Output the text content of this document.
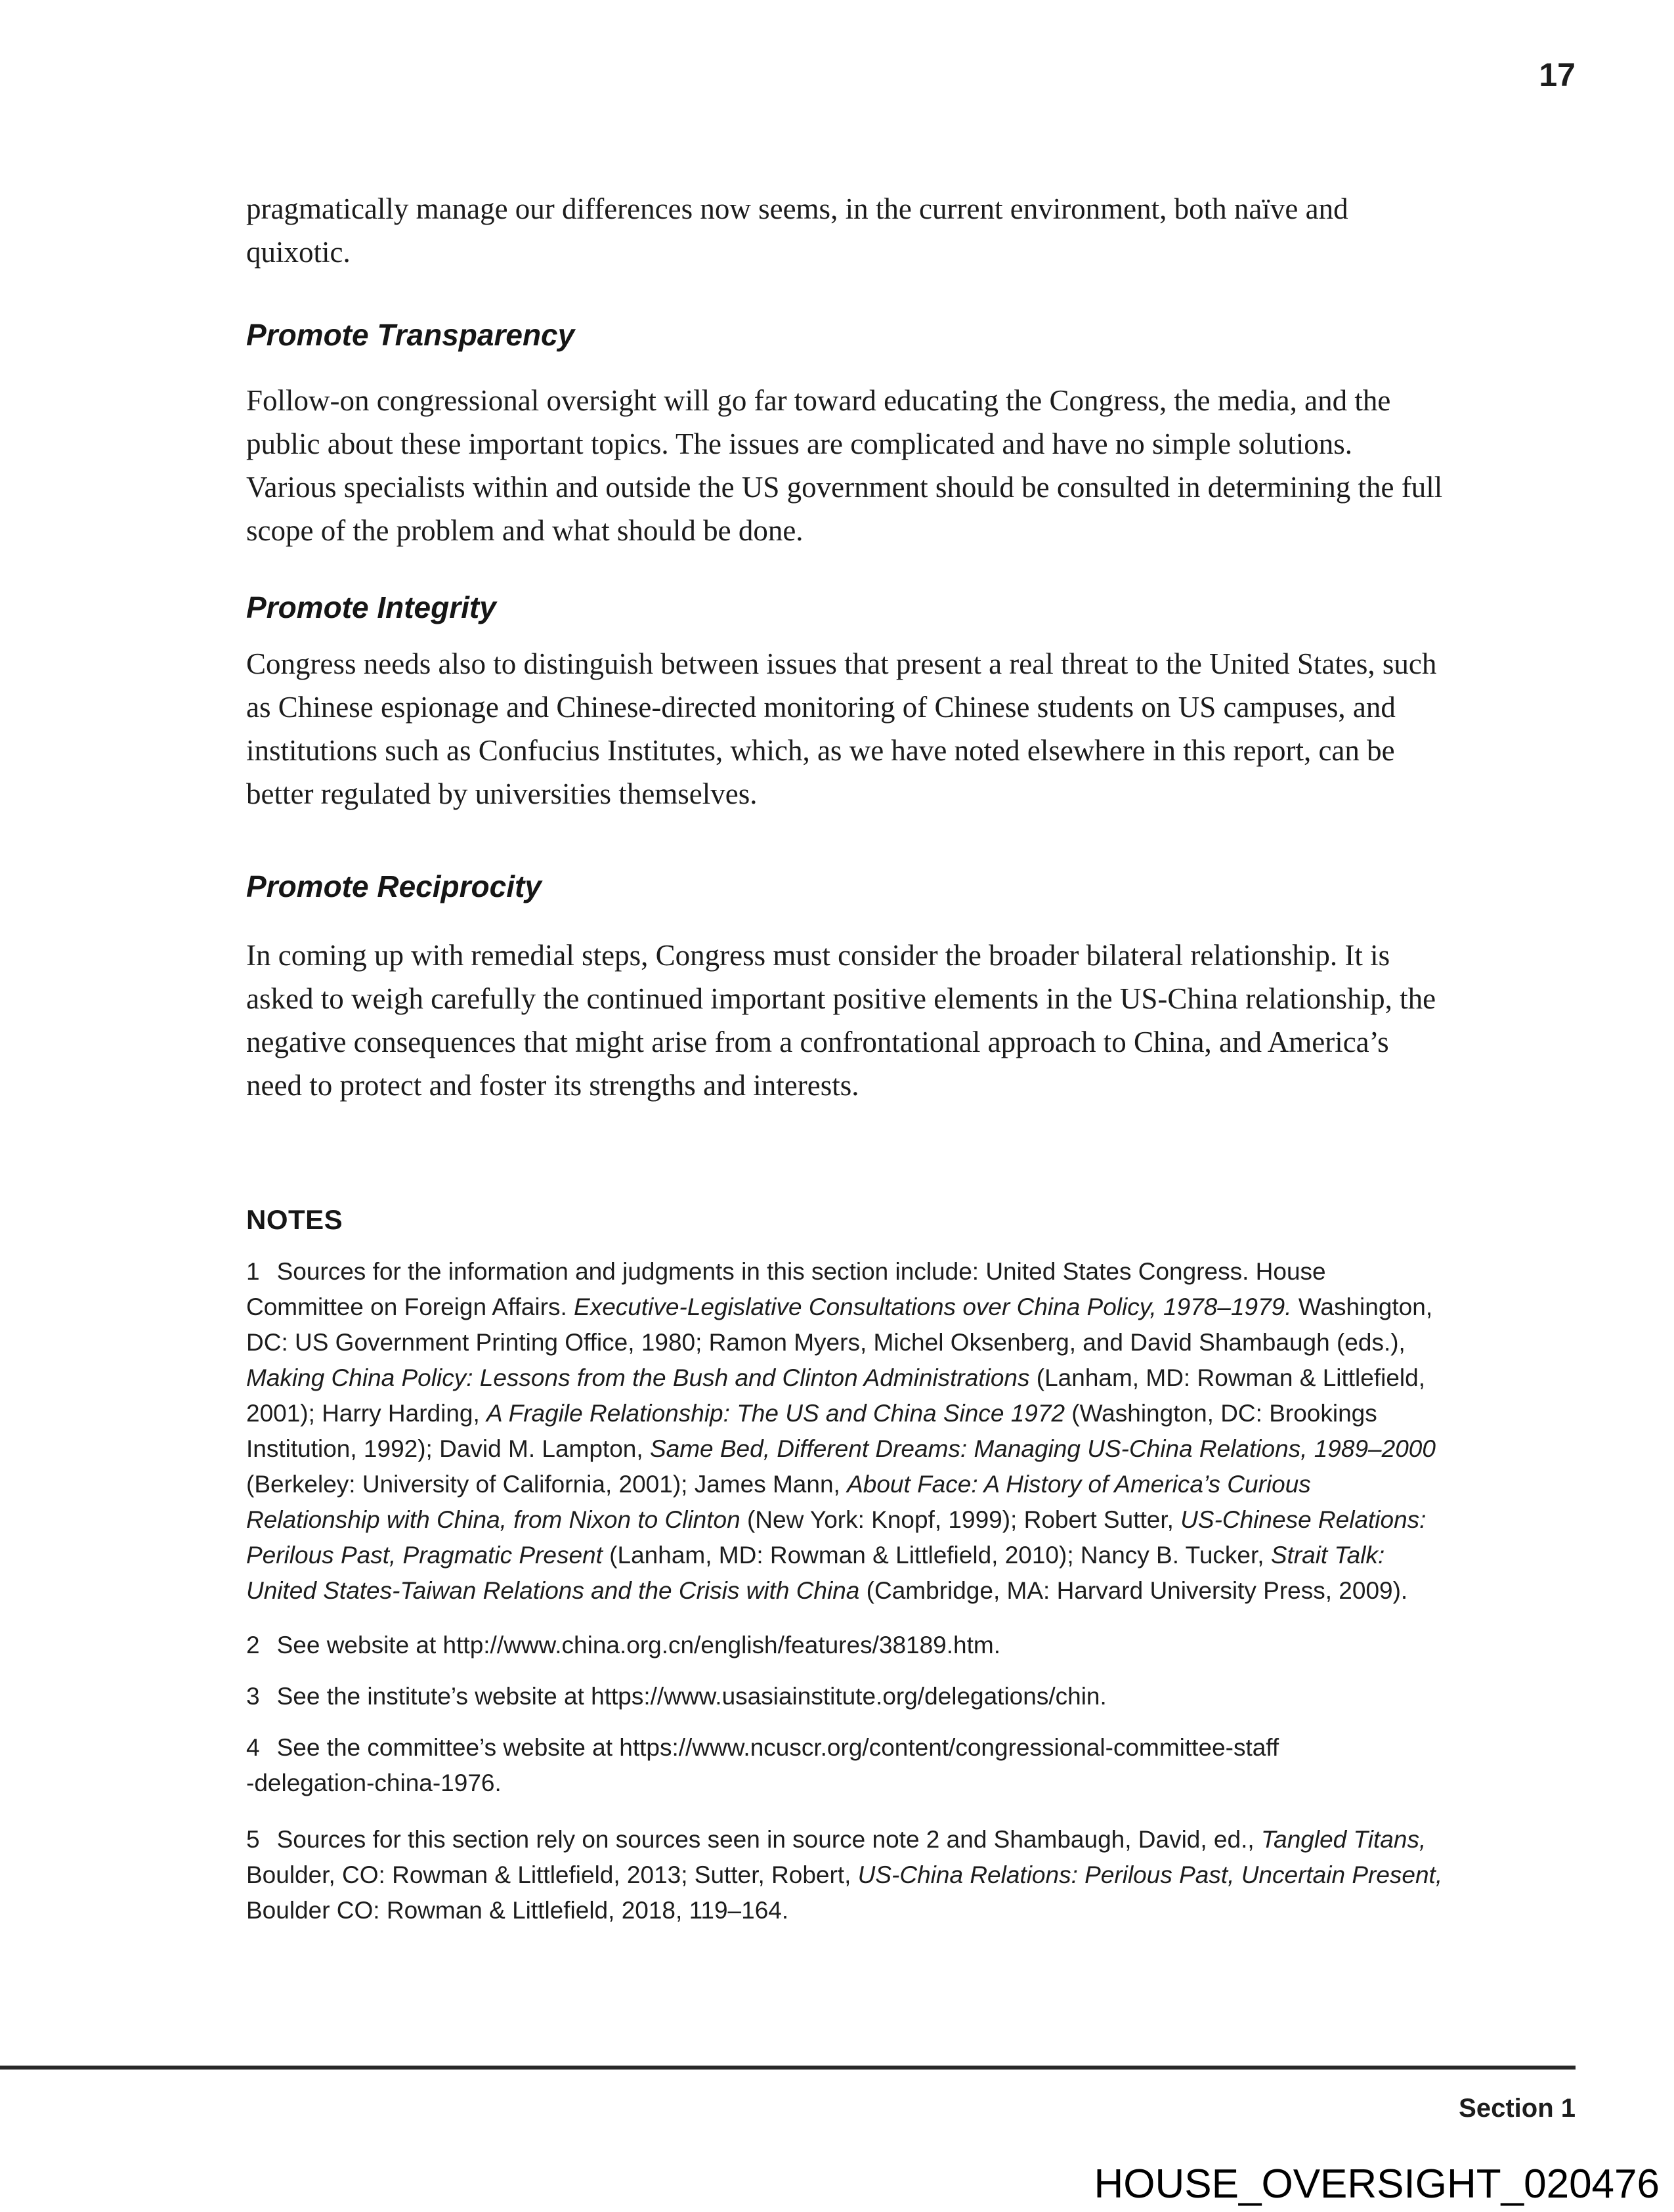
17

pragmatically manage our differences now seems, in the current environment, both naïve and quixotic.

Promote Transparency

Follow-on congressional oversight will go far toward educating the Congress, the media, and the public about these important topics. The issues are complicated and have no simple solutions. Various specialists within and outside the US government should be consulted in determining the full scope of the problem and what should be done.

Promote Integrity

Congress needs also to distinguish between issues that present a real threat to the United States, such as Chinese espionage and Chinese-directed monitoring of Chinese students on US campuses, and institutions such as Confucius Institutes, which, as we have noted elsewhere in this report, can be better regulated by universities themselves.

Promote Reciprocity

In coming up with remedial steps, Congress must consider the broader bilateral relationship. It is asked to weigh carefully the continued important positive elements in the US-China relationship, the negative consequences that might arise from a confrontational approach to China, and America’s need to protect and foster its strengths and interests.

NOTES

1 Sources for the information and judgments in this section include: United States Congress. House Committee on Foreign Affairs. Executive-Legislative Consultations over China Policy, 1978–1979. Washington, DC: US Government Printing Office, 1980; Ramon Myers, Michel Oksenberg, and David Shambaugh (eds.), Making China Policy: Lessons from the Bush and Clinton Administrations (Lanham, MD: Rowman & Littlefield, 2001); Harry Harding, A Fragile Relationship: The US and China Since 1972 (Washington, DC: Brookings Institution, 1992); David M. Lampton, Same Bed, Different Dreams: Managing US-China Relations, 1989–2000 (Berkeley: University of California, 2001); James Mann, About Face: A History of America’s Curious Relationship with China, from Nixon to Clinton (New York: Knopf, 1999); Robert Sutter, US-Chinese Relations: Perilous Past, Pragmatic Present (Lanham, MD: Rowman & Littlefield, 2010); Nancy B. Tucker, Strait Talk: United States-Taiwan Relations and the Crisis with China (Cambridge, MA: Harvard University Press, 2009).

2 See website at http://www.china.org.cn/english/features/38189.htm.

3 See the institute’s website at https://www.usasiainstitute.org/delegations/chin.

4 See the committee’s website at https://www.ncuscr.org/content/congressional-committee-staff
-delegation-china-1976.

5 Sources for this section rely on sources seen in source note 2 and Shambaugh, David, ed., Tangled Titans, Boulder, CO: Rowman & Littlefield, 2013; Sutter, Robert, US-China Relations: Perilous Past, Uncertain Present, Boulder CO: Rowman & Littlefield, 2018, 119–164.

Section 1
HOUSE_OVERSIGHT_020476
